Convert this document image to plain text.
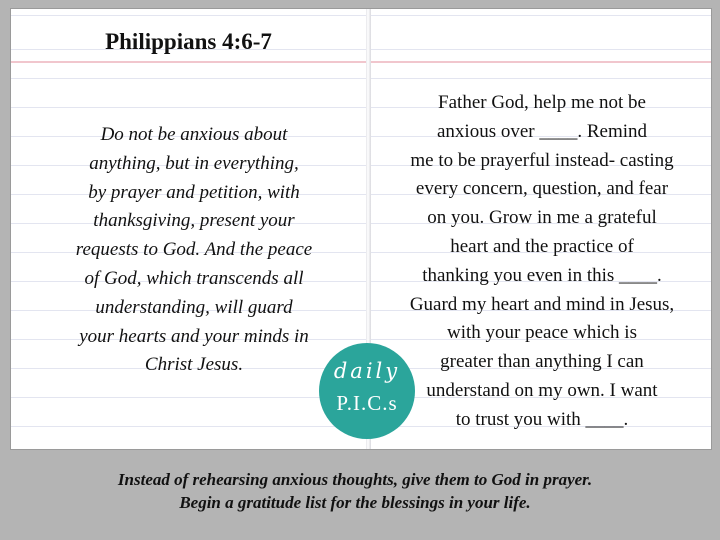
Philippians 4:6-7
Do not be anxious about
anything, but in everything,
by prayer and petition, with
thanksgiving, present your
requests to God. And the peace
of God, which transcends all
understanding, will guard
your hearts and your minds in
Christ Jesus.
Father God, help me not be
anxious over ____. Remind
me to be prayerful instead- casting
every concern, question, and fear
on you. Grow in me a grateful
heart and the practice of
thanking you even in this ____.
Guard my heart and mind in Jesus,
with your peace which is
greater than anything I can
understand on my own. I want
to trust you with ____.
daily
P.I.C.s
Instead of rehearsing anxious thoughts, give them to God in prayer.
Begin a gratitude list for the blessings in your life.
